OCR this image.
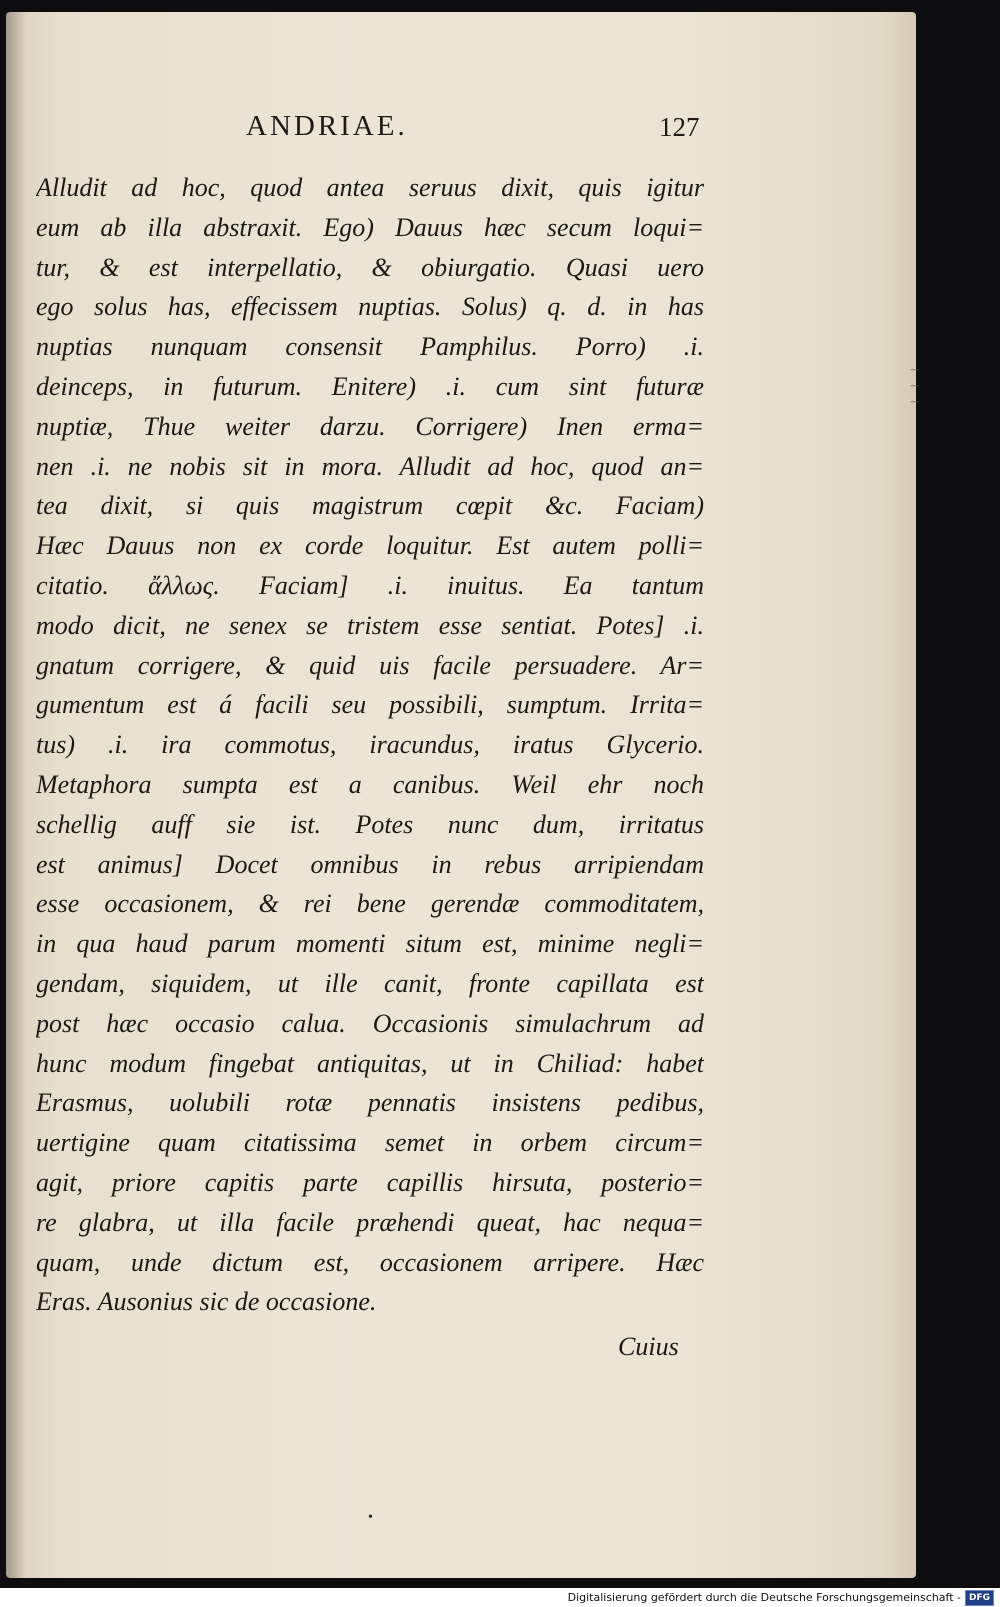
ANDRIAE.	127
Alludit ad hoc, quod antea seruus dixit, quis igitur
eum ab illa abstraxit. Ego) Dauus hæc secum loqui=
tur, & est interpellatio, & obiurgatio. Quasi uero
ego solus has, effecissem nuptias. Solus) q. d. in has
nuptias nunquam consensit Pamphilus. Porro) .i.
deinceps, in futurum. Enitere) .i. cum sint futuræ
nuptiæ, Thue weiter darzu. Corrigere) Inen erma=
nen .i. ne nobis sit in mora. Alludit ad hoc, quod an=
tea dixit, si quis magistrum cœpit &c. Faciam)
Hæc Dauus non ex corde loquitur. Est autem polli=
citatio. ἄλλως. Faciam] .i. inuitus. Ea tantum
modo dicit, ne senex se tristem esse sentiat. Potes] .i.
gnatum corrigere, & quid uis facile persuadere. Ar=
gumentum est á facili seu possibili, sumptum. Irrita=
tus) .i. ira commotus, iracundus, iratus Glycerio.
Metaphora sumpta est a canibus. Weil ehr noch
schellig auff sie ist. Potes nunc dum, irritatus
est animus] Docet omnibus in rebus arripiendam
esse occasionem, & rei bene gerendæ commoditatem,
in qua haud parum momenti situm est, minime negli=
gendam, siquidem, ut ille canit, fronte capillata est
post hæc occasio calua. Occasionis simulachrum ad
hunc modum fingebat antiquitas, ut in Chiliad: habet
Erasmus, uolubili rotæ pennatis insistens pedibus,
uertigine quam citatissima semet in orbem circum=
agit, priore capitis parte capillis hirsuta, posterio=
re glabra, ut illa facile præhendi queat, hac nequa=
quam, unde dictum est, occasionem arripere. Hæc
Eras. Ausonius sic de occasione.
Cuius
•
– – –
Digitalisierung gefördert durch die Deutsche Forschungsgemeinschaft - DFG
